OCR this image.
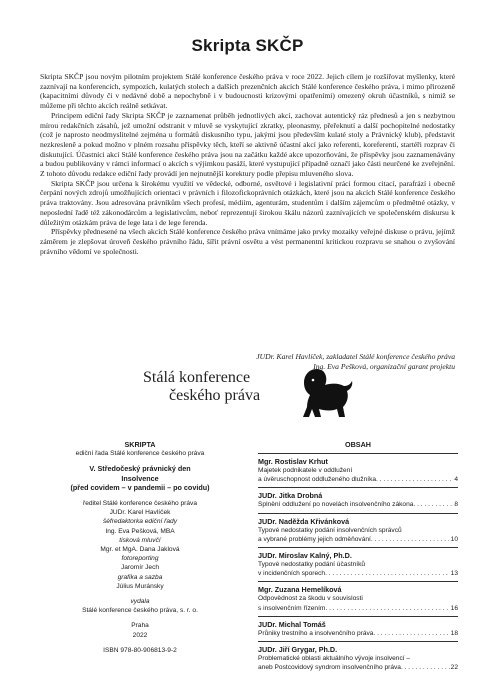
Skripta SKČP

Skripta SKČP jsou novým pilotním projektem Stálé konference českého práva v roce 2022. Jejich cílem je rozšiřovat myšlenky, které zaznívají na konferencích, sympozích, kulatých stolech a dalších prezenčních akcích Stálé konference českého práva, i mimo přirozeně (kapacitními důvody či v nedávné době a nepochybně i v budoucnosti krizovými opatřeními) omezený okruh účastníků, s nimiž se můžeme při těchto akcích reálně setkávat.

Principem ediční řady Skripta SKČP je zaznamenat průběh jednotlivých akcí, zachovat autentický ráz přednesů a jen s nezbytnou mírou redakčních zásahů, jež umožní odstranit v mluvě se vyskytující zkratky, pleonasmy, přeřeknutí a další pochopitelné nedostatky (což je naprosto neodmyslitelné zejména u formátů diskusního typu, jakými jsou především kulaté stoly a Právnický klub), představit nezkresleně a pokud možno v plném rozsahu příspěvky těch, kteří se aktivně účastní akcí jako referenti, koreferenti, startéři rozprav či diskutující. Účastníci akcí Stálé konference českého práva jsou na začátku každé akce upozorňováni, že příspěvky jsou zaznamenávány a budou publikovány v rámci informací o akcích s výjimkou pasáží, které vystupující případně označí jako části neurčené ke zveřejnění. Z tohoto důvodu redakce ediční řady provádí jen nejnutnější korektury podle přepisu mluveného slova.

Skripta SKČP jsou určena k širokému využití ve vědecké, odborné, osvětové i legislativní práci formou citací, parafrází i obecně čerpání nových zdrojů umožňujících orientaci v právních i filozofickoprávních otázkách, které jsou na akcích Stálé konference českého práva traktovány. Jsou adresována právníkům všech profesí, médiím, agenturám, studentům i dalším zájemcům o předmětné otázky, v neposlední řadě též zákonodárcům a legislativcům, neboť reprezentují širokou škálu názorů zaznívajících ve společenském diskursu k důležitým otázkám práva de lege lata i de lege ferenda.

Příspěvky přednesené na všech akcích Stálé konference českého práva vnímáme jako prvky mozaiky veřejné diskuse o právu, jejímž záměrem je zlepšovat úroveň českého právního řádu, šířit právní osvětu a vést permanentní kritickou rozpravu se snahou o zvyšování právního vědomí ve společnosti.

JUDr. Karel Havlíček, zakladatel Stálé konference českého práva
Ing. Eva Pešková, organizační garant projektu
Stálá konference
českého práva
SKRIPTA
ediční řada Stálé konference českého práva
V. Středočeský právnický den
Insolvence
(před covidem – v pandemii – po covidu)
ředitel Stálé konference českého práva
JUDr. Karel Havlíček
šéfredaktorka ediční řady
Ing. Eva Pešková, MBA
tisková mluvčí
Mgr. et MgA. Dana Jaklová
fotoreporting
Jaromír Jech
grafika a sazba
Július Muránsky
vydala
Stálé konference českého práva, s. r. o.
Praha
2022
ISBN 978-80-906813-9-2
OBSAH
Mgr. Rostislav Krhut
Majetek podnikatele v oddlužení
a úvěruschopnost oddluženého dlužníka . . .	4
JUDr. Jitka Drobná
Splnění oddlužení po novelách insolvenčního zákona . . .	8
JUDr. Naděžda Křivánková
Typové nedostatky podání insolvenčních správců
a vybrané problémy jejich odměňování . . .	10
JUDr. Miroslav Kalný, Ph.D.
Typové nedostatky podání účastníků
v incidenčních sporech . . .	13
Mgr. Zuzana Hemelíková
Odpovědnost za škodu v souvislosti
s insolvenčním řízením . . .	16
JUDr. Michal Tomáš
Průniky trestního a insolvenčního práva . . .	18
JUDr. Jiří Grygar, Ph.D.
Problematické oblasti aktuálního vývoje insolvencí –
aneb Postcovidový syndrom insolvenčního práva . . .	22
